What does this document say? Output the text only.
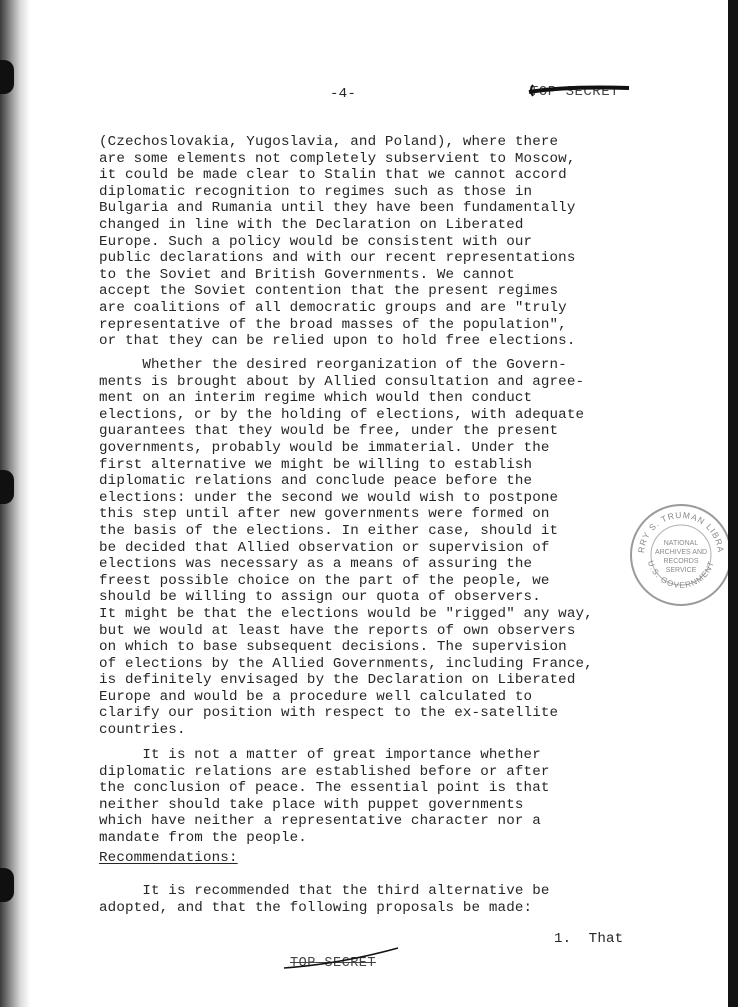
-4-	TOP SECRET
(Czechoslovakia, Yugoslavia, and Poland), where there
are some elements not completely subservient to Moscow,
it could be made clear to Stalin that we cannot accord
diplomatic recognition to regimes such as those in
Bulgaria and Rumania until they have been fundamentally
changed in line with the Declaration on Liberated
Europe. Such a policy would be consistent with our
public declarations and with our recent representations
to the Soviet and British Governments. We cannot
accept the Soviet contention that the present regimes
are coalitions of all democratic groups and are "truly
representative of the broad masses of the population",
or that they can be relied upon to hold free elections.
Whether the desired reorganization of the Govern-
ments is brought about by Allied consultation and agree-
ment on an interim regime which would then conduct
elections, or by the holding of elections, with adequate
guarantees that they would be free, under the present
governments, probably would be immaterial. Under the
first alternative we might be willing to establish
diplomatic relations and conclude peace before the
elections: under the second we would wish to postpone
this step until after new governments were formed on
the basis of the elections. In either case, should it
be decided that Allied observation or supervision of
elections was necessary as a means of assuring the
freest possible choice on the part of the people, we
should be willing to assign our quota of observers.
It might be that the elections would be "rigged" any way,
but we would at least have the reports of own observers
on which to base subsequent decisions. The supervision
of elections by the Allied Governments, including France,
is definitely envisaged by the Declaration on Liberated
Europe and would be a procedure well calculated to
clarify our position with respect to the ex-satellite
countries.
It is not a matter of great importance whether
diplomatic relations are established before or after
the conclusion of peace. The essential point is that
neither should take place with puppet governments
which have neither a representative character nor a
mandate from the people.
Recommendations:
It is recommended that the third alternative be
adopted, and that the following proposals be made:
1.  That
TOP SECRET
RRY S. TRUMAN LIBRA
U.S. GOVERNMENT
NATIONAL
ARCHIVES AND
RECORDS
SERVICE
